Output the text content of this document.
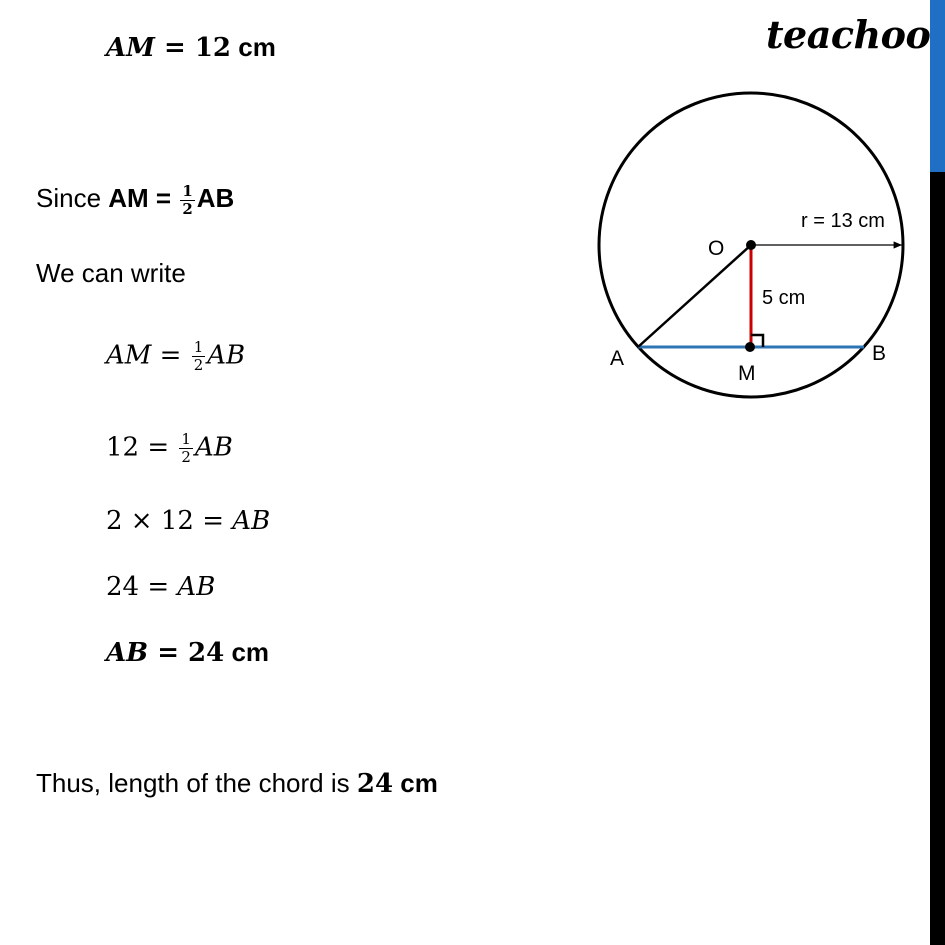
teachoo
AM = 12 cm
Since AM = $\frac{1}{2}$ AB
We can write
AM = $\frac{1}{2}$ AB
$12 = \frac{1}{2}$ AB
2 × 12 = AB
24 = AB
AB = 24 cm
Thus, length of the chord is 24 cm
O
A	B
M
r = 13 cm
5 cm
